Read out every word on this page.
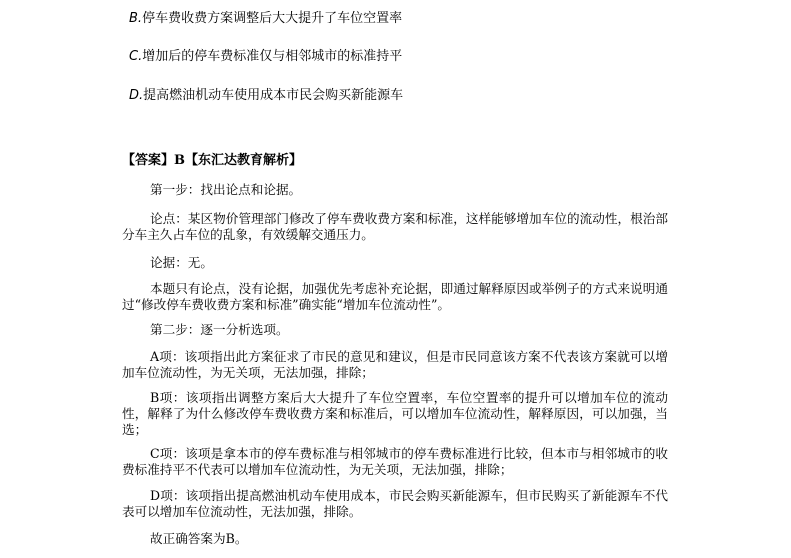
B.停车费收费方案调整后大大提升了车位空置率
C.增加后的停车费标准仅与相邻城市的标准持平
D.提高燃油机动车使用成本市民会购买新能源车
【答案】B【东汇达教育解析】

第一步：找出论点和论据。

论点：某区物价管理部门修改了停车费收费方案和标准，这样能够增加车位的流动性，根治部分车主久占车位的乱象，有效缓解交通压力。

论据：无。

本题只有论点，没有论据，加强优先考虑补充论据，即通过解释原因或举例子的方式来说明通过“修改停车费收费方案和标准”确实能“增加车位流动性”。

第二步：逐一分析选项。

A项：该项指出此方案征求了市民的意见和建议，但是市民同意该方案不代表该方案就可以增加车位流动性，为无关项，无法加强，排除；

B项：该项指出调整方案后大大提升了车位空置率，车位空置率的提升可以增加车位的流动性，解释了为什么修改停车费收费方案和标准后，可以增加车位流动性，解释原因，可以加强，当选；

C项：该项是拿本市的停车费标准与相邻城市的停车费标准进行比较，但本市与相邻城市的收费标准持平不代表可以增加车位流动性，为无关项，无法加强，排除；

D项：该项指出提高燃油机动车使用成本，市民会购买新能源车，但市民购买了新能源车不代表可以增加车位流动性，无法加强，排除。

故正确答案为B。
